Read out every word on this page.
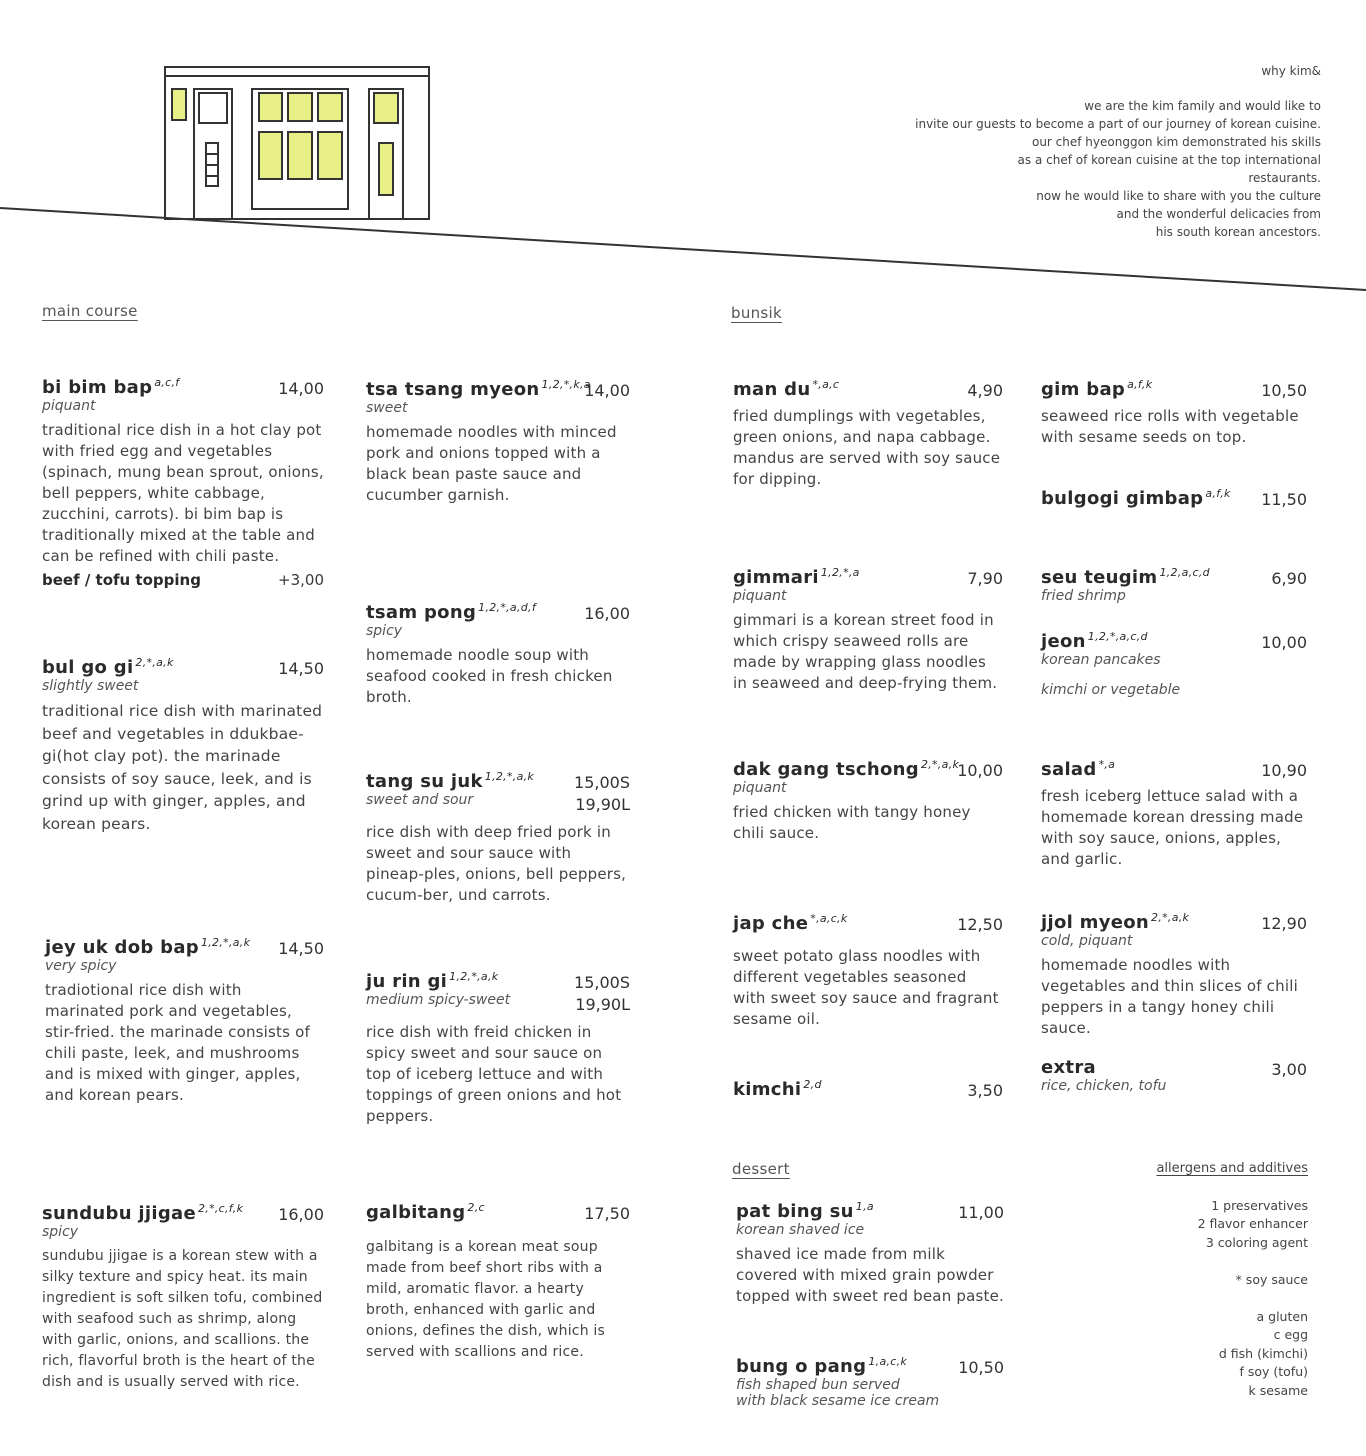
why kim&
we are the kim family and would like to
invite our guests to become a part of our journey of korean cuisine.
our chef hyeonggon kim demonstrated his skills
as a chef of korean cuisine at the top international
restaurants.
now he would like to share with you the culture
and the wonderful delicacies from
his south korean ancestors.
main course	bunsik
dessert
bi bim bap $^{a,c,f}$	14,00
piquant
traditional rice dish in a hot clay pot with fried egg and vegetables (spinach, mung bean sprout, onions, bell peppers, white cabbage, zucchini, carrots). bi bim bap is traditionally mixed at the table and can be refined with chili paste.
beef / tofu topping	+3,00
bul go gi $^{2,*,a,k}$	14,50
slightly sweet
traditional rice dish with marinated beef and vegetables in ddukbae-gi(hot clay pot). the marinade consists of soy sauce, leek, and is grind up with ginger, apples, and korean pears.
jey uk dob bap $^{1,2,*,a,k}$	14,50
very spicy
tradiotional rice dish with marinated pork and vegetables, stir-fried. the marinade consists of chili paste, leek, and mushrooms and is mixed with ginger, apples, and korean pears.
sundubu jjigae $^{2,*,c,f,k}$	16,00
spicy
sundubu jjigae is a korean stew with a silky texture and spicy heat. its main ingredient is soft silken tofu, combined with seafood such as shrimp, along with garlic, onions, and scallions. the rich, flavorful broth is the heart of the dish and is usually served with rice.
tsa tsang myeon $^{1,2,*,k,a}$
14,00
sweet
homemade noodles with minced pork and onions topped with a black bean paste sauce and cucumber garnish.
tsam pong $^{1,2,*,a,d,f}$	16,00
spicy
homemade noodle soup with seafood cooked in fresh chicken broth.
tang su juk $^{1,2,*,a,k}$	15,00S
19,90L
sweet and sour
rice dish with deep fried pork in sweet and sour sauce with pineap-ples, onions, bell peppers, cucum-ber, und carrots.
ju rin gi $^{1,2,*,a,k}$	15,00S
19,90L
medium spicy-sweet
rice dish with freid chicken in spicy sweet and sour sauce on top of iceberg lettuce and with toppings of green onions and hot peppers.
galbitang $^{2,c}$	17,50
galbitang is a korean meat soup made from beef short ribs with a mild, aromatic flavor. a hearty broth, enhanced with garlic and onions, defines the dish, which is served with scallions and rice.
man du $^{*,a,c}$	4,90
fried dumplings with vegetables, green onions, and napa cabbage. mandus are served with soy sauce for dipping.
gimmari $^{1,2,*,a}$	7,90
piquant
gimmari is a korean street food in which crispy seaweed rolls are made by wrapping glass noodles in seaweed and deep-frying them.
dak gang tschong $^{2,*,a,k}$
10,00
piquant
fried chicken with tangy honey chili sauce.
jap che $^{*,a,c,k}$	12,50
sweet potato glass noodles with different vegetables seasoned with sweet soy sauce and fragrant sesame oil.
kimchi $^{2,d}$	3,50
gim bap $^{a,f,k}$	10,50
seaweed rice rolls with vegetable with sesame seeds on top.
bulgogi gimbap $^{a,f,k}$	11,50
seu teugim $^{1,2,a,c,d}$	6,90
fried shrimp
jeon $^{1,2,*,a,c,d}$	10,00
korean pancakes
kimchi or vegetable
salad $^{*,a}$	10,90
fresh iceberg lettuce salad with a homemade korean dressing made with soy sauce, onions, apples, and garlic.
jjol myeon $^{2,*,a,k}$	12,90
cold, piquant
homemade noodles with vegetables and thin slices of chili peppers in a tangy honey chili sauce.
extra	3,00
rice, chicken, tofu
pat bing su $^{1,a}$	11,00
korean shaved ice
shaved ice made from milk covered with mixed grain powder topped with sweet red bean paste.
bung o pang $^{1,a,c,k}$	10,50
fish shaped bun served
with black sesame ice cream
allergens and additives
1 preservatives
2 flavor enhancer
3 coloring agent
* soy sauce
a gluten
c egg
d fish (kimchi)
f soy (tofu)
k sesame
